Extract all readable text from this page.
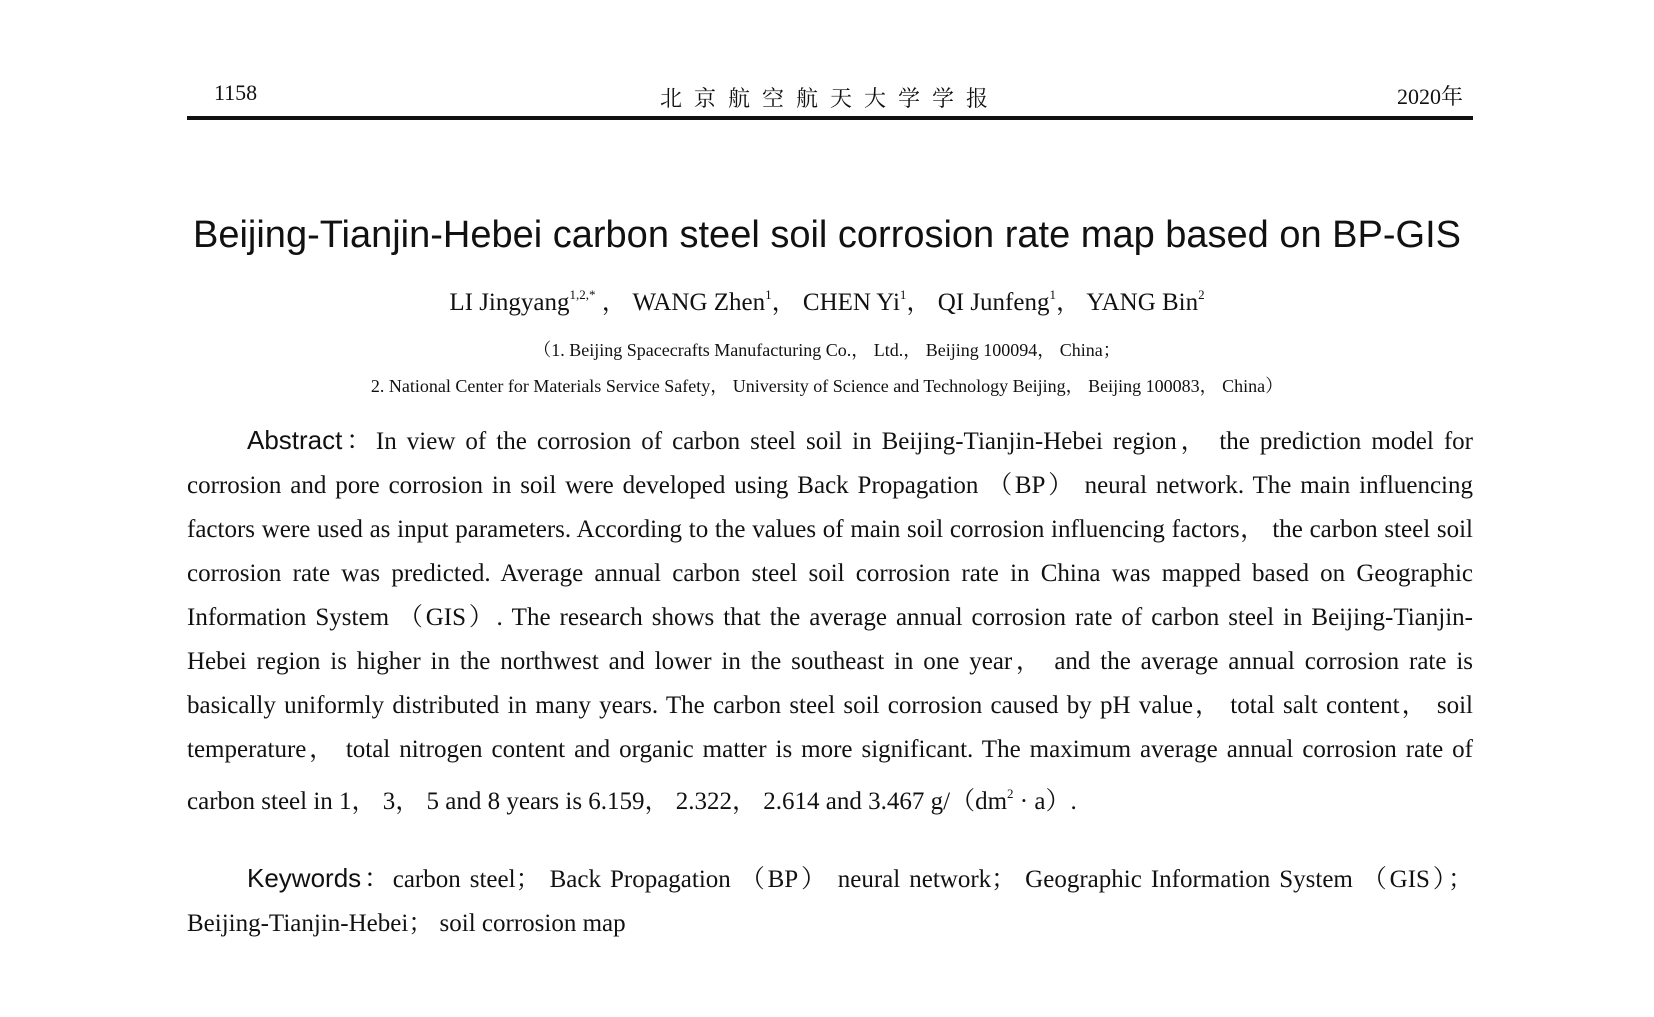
1158	北京航空航天大学学报	2020年
Beijing-Tianjin-Hebei carbon steel soil corrosion rate map based on BP-GIS
LI Jingyang$^{1,2,*}$ ， WANG Zhen$^1$， CHEN Yi$^1$， QI Junfeng$^1$， YANG Bin$^2$
（1. Beijing Spacecrafts Manufacturing Co.， Ltd.， Beijing 100094， China；
2. National Center for Materials Service Safety， University of Science and Technology Beijing， Beijing 100083， China）

Abstract：In view of the corrosion of carbon steel soil in Beijing-Tianjin-Hebei region， the prediction model for corrosion and pore corrosion in soil were developed using Back Propagation （BP） neural network. The main influencing factors were used as input parameters. According to the values of main soil corrosion influencing factors， the carbon steel soil corrosion rate was predicted. Average annual carbon steel soil corrosion rate in China was mapped based on Geographic Information System （GIS）. The research shows that the average annual corrosion rate of carbon steel in Beijing-Tianjin-Hebei region is higher in the northwest and lower in the southeast in one year， and the average annual corrosion rate is basically uniformly distributed in many years. The carbon steel soil corrosion caused by pH value， total salt content， soil temperature， total nitrogen content and organic matter is more significant. The maximum average annual corrosion rate of carbon steel in 1， 3， 5 and 8 years is 6.159， 2.322， 2.614 and 3.467 $g/(dm^2 \cdot a)$.

Keywords：carbon steel； Back Propagation （BP） neural network； Geographic Information System （GIS）； Beijing-Tianjin-Hebei； soil corrosion map
